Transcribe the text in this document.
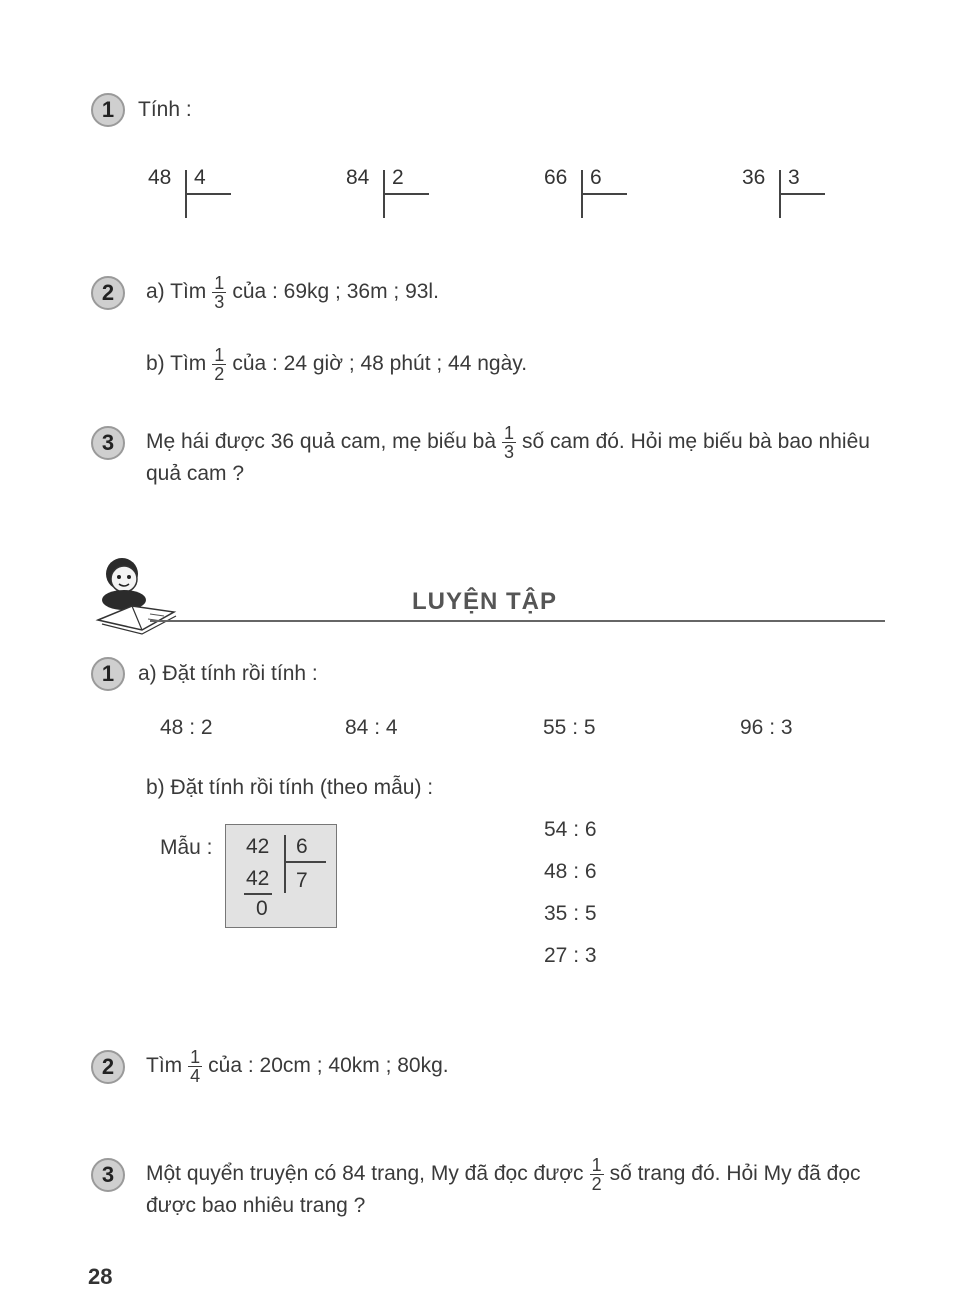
1	Tính :
48 4	84 2	66 6	36 3
2	a) Tìm $\frac{1}{3}$ của : 69kg ; 36m ; 93l.
b) Tìm $\frac{1}{2}$ của : 24 giờ ; 48 phút ; 44 ngày.
3	Mẹ hái được 36 quả cam, mẹ biếu bà $\frac{1}{3}$ số cam đó. Hỏi mẹ biếu bà bao nhiêu
quả cam ?
LUYỆN TẬP
1	a) Đặt tính rồi tính :
48 : 2	84 : 4	55 : 5	96 : 3
b) Đặt tính rồi tính (theo mẫu) :
Mẫu : 42 6
42 7
0
54 : 6
48 : 6
35 : 5
27 : 3
2	Tìm $\frac{1}{4}$ của : 20cm ; 40km ; 80kg.
3	Một quyển truyện có 84 trang, My đã đọc được $\frac{1}{2}$ số trang đó. Hỏi My đã đọc
được bao nhiêu trang ?
28
